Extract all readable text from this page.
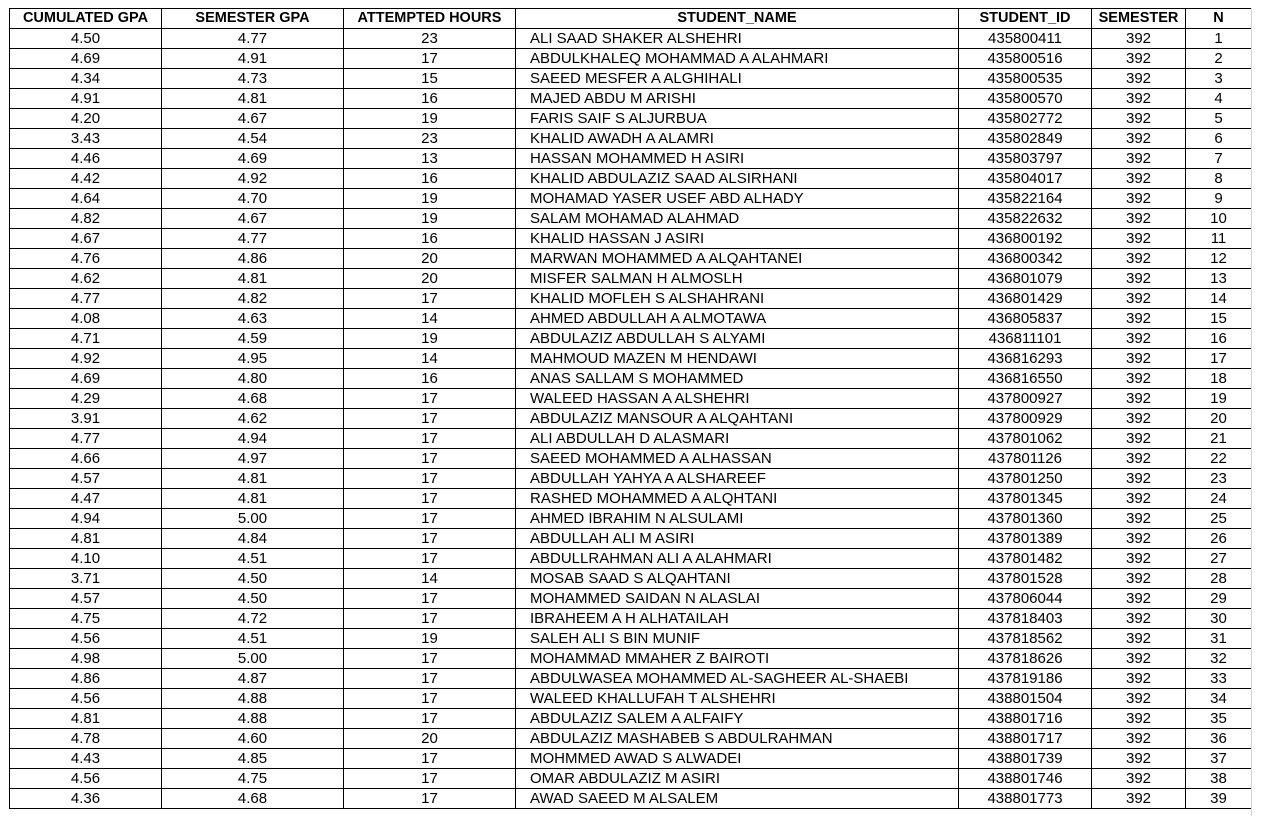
CUMULATED GPA	SEMESTER GPA	ATTEMPTED HOURS	STUDENT_NAME	STUDENT_ID	SEMESTER	N
4.50	4.77	23	ALI SAAD SHAKER ALSHEHRI	435800411	392	1
4.69	4.91	17	ABDULKHALEQ MOHAMMAD A ALAHMARI	435800516	392	2
4.34	4.73	15	SAEED MESFER A ALGHIHALI	435800535	392	3
4.91	4.81	16	MAJED ABDU M ARISHI	435800570	392	4
4.20	4.67	19	FARIS SAIF S ALJURBUA	435802772	392	5
3.43	4.54	23	KHALID AWADH A ALAMRI	435802849	392	6
4.46	4.69	13	HASSAN MOHAMMED H ASIRI	435803797	392	7
4.42	4.92	16	KHALID ABDULAZIZ SAAD ALSIRHANI	435804017	392	8
4.64	4.70	19	MOHAMAD YASER USEF ABD ALHADY	435822164	392	9
4.82	4.67	19	SALAM MOHAMAD ALAHMAD	435822632	392	10
4.67	4.77	16	KHALID HASSAN J ASIRI	436800192	392	11
4.76	4.86	20	MARWAN MOHAMMED A ALQAHTANEI	436800342	392	12
4.62	4.81	20	MISFER SALMAN H ALMOSLH	436801079	392	13
4.77	4.82	17	KHALID MOFLEH S ALSHAHRANI	436801429	392	14
4.08	4.63	14	AHMED ABDULLAH A ALMOTAWA	436805837	392	15
4.71	4.59	19	ABDULAZIZ ABDULLAH S ALYAMI	436811101	392	16
4.92	4.95	14	MAHMOUD MAZEN M HENDAWI	436816293	392	17
4.69	4.80	16	ANAS SALLAM S MOHAMMED	436816550	392	18
4.29	4.68	17	WALEED HASSAN A ALSHEHRI	437800927	392	19
3.91	4.62	17	ABDULAZIZ MANSOUR A ALQAHTANI	437800929	392	20
4.77	4.94	17	ALI ABDULLAH D ALASMARI	437801062	392	21
4.66	4.97	17	SAEED MOHAMMED A ALHASSAN	437801126	392	22
4.57	4.81	17	ABDULLAH YAHYA A ALSHAREEF	437801250	392	23
4.47	4.81	17	RASHED MOHAMMED A ALQHTANI	437801345	392	24
4.94	5.00	17	AHMED IBRAHIM N ALSULAMI	437801360	392	25
4.81	4.84	17	ABDULLAH ALI M ASIRI	437801389	392	26
4.10	4.51	17	ABDULLRAHMAN ALI A ALAHMARI	437801482	392	27
3.71	4.50	14	MOSAB SAAD S ALQAHTANI	437801528	392	28
4.57	4.50	17	MOHAMMED SAIDAN N ALASLAI	437806044	392	29
4.75	4.72	17	IBRAHEEM A H ALHATAILAH	437818403	392	30
4.56	4.51	19	SALEH ALI S BIN MUNIF	437818562	392	31
4.98	5.00	17	MOHAMMAD MMAHER Z BAIROTI	437818626	392	32
4.86	4.87	17	ABDULWASEA MOHAMMED AL-SAGHEER AL-SHAEBI	437819186	392	33
4.56	4.88	17	WALEED KHALLUFAH T ALSHEHRI	438801504	392	34
4.81	4.88	17	ABDULAZIZ SALEM A ALFAIFY	438801716	392	35
4.78	4.60	20	ABDULAZIZ MASHABEB S ABDULRAHMAN	438801717	392	36
4.43	4.85	17	MOHMMED AWAD S ALWADEI	438801739	392	37
4.56	4.75	17	OMAR ABDULAZIZ M ASIRI	438801746	392	38
4.36	4.68	17	AWAD SAEED M ALSALEM	438801773	392	39
